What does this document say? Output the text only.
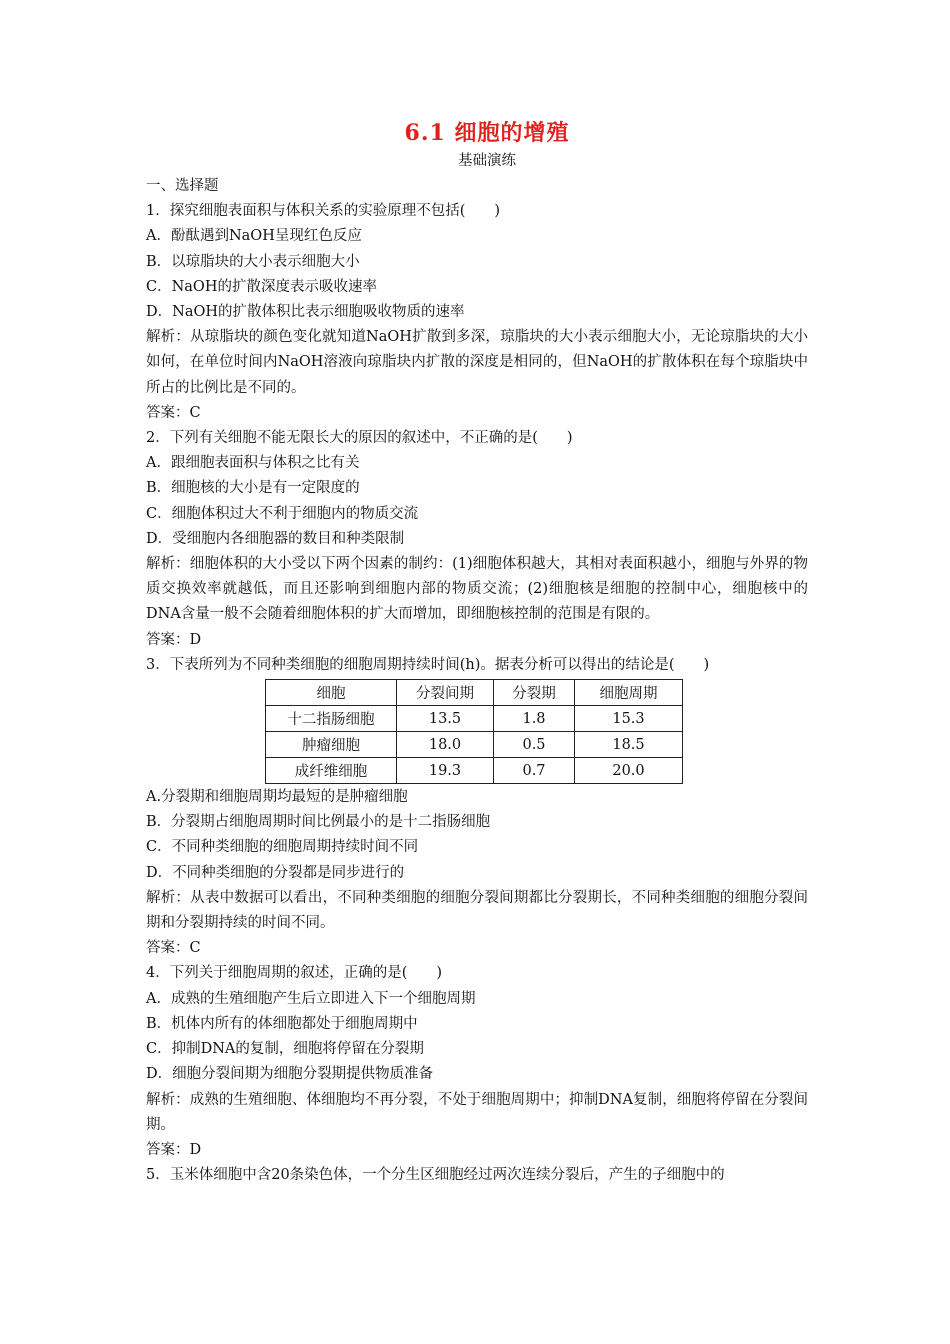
6.1 细胞的增殖
基础演练
一、选择题
1．探究细胞表面积与体积关系的实验原理不包括(　　)
A．酚酞遇到NaOH呈现红色反应
B．以琼脂块的大小表示细胞大小
C．NaOH的扩散深度表示吸收速率
D．NaOH的扩散体积比表示细胞吸收物质的速率
解析：从琼脂块的颜色变化就知道NaOH扩散到多深，琼脂块的大小表示细胞大小，无论琼脂块的大小如何，在单位时间内NaOH溶液向琼脂块内扩散的深度是相同的，但NaOH的扩散体积在每个琼脂块中所占的比例比是不同的。
答案：C
2．下列有关细胞不能无限长大的原因的叙述中，不正确的是(　　)
A．跟细胞表面积与体积之比有关
B．细胞核的大小是有一定限度的
C．细胞体积过大不利于细胞内的物质交流
D．受细胞内各细胞器的数目和种类限制
解析：细胞体积的大小受以下两个因素的制约：(1)细胞体积越大，其相对表面积越小，细胞与外界的物质交换效率就越低，而且还影响到细胞内部的物质交流；(2)细胞核是细胞的控制中心，细胞核中的DNA含量一般不会随着细胞体积的扩大而增加，即细胞核控制的范围是有限的。
答案：D
3．下表所列为不同种类细胞的细胞周期持续时间(h)。据表分析可以得出的结论是(　　)
细胞	分裂间期	分裂期	细胞周期
十二指肠细胞	13.5	1.8	15.3
肿瘤细胞	18.0	0.5	18.5
成纤维细胞	19.3	0.7	20.0
A.分裂期和细胞周期均最短的是肿瘤细胞
B．分裂期占细胞周期时间比例最小的是十二指肠细胞
C．不同种类细胞的细胞周期持续时间不同
D．不同种类细胞的分裂都是同步进行的
解析：从表中数据可以看出，不同种类细胞的细胞分裂间期都比分裂期长，不同种类细胞的细胞分裂间期和分裂期持续的时间不同。
答案：C
4．下列关于细胞周期的叙述，正确的是(　　)
A．成熟的生殖细胞产生后立即进入下一个细胞周期
B．机体内所有的体细胞都处于细胞周期中
C．抑制DNA的复制，细胞将停留在分裂期
D．细胞分裂间期为细胞分裂期提供物质准备
解析：成熟的生殖细胞、体细胞均不再分裂，不处于细胞周期中；抑制DNA复制，细胞将停留在分裂间期。
答案：D
5．玉米体细胞中含20条染色体，一个分生区细胞经过两次连续分裂后，产生的子细胞中的
